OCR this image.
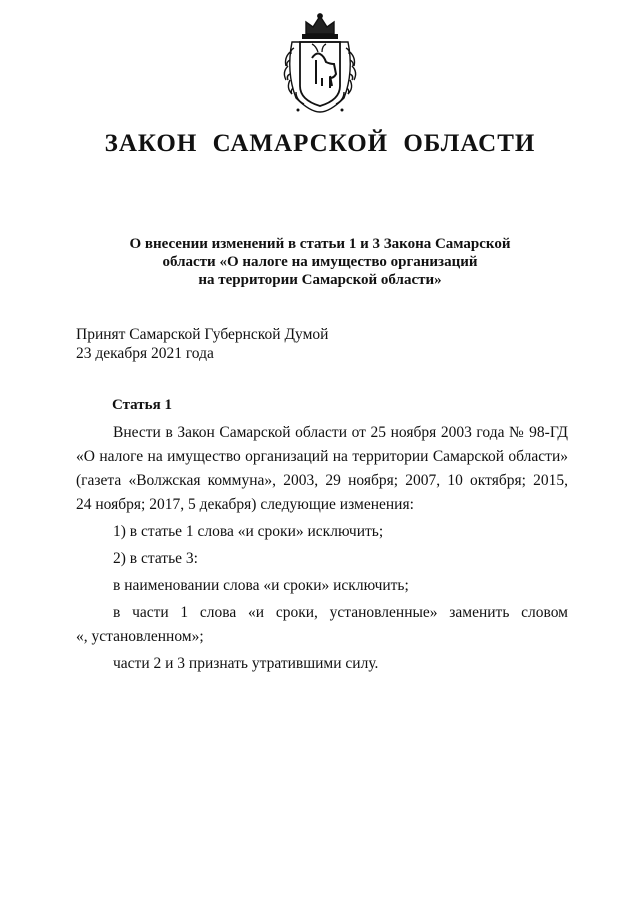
ЗАКОН САМАРСКОЙ ОБЛАСТИ
О внесении изменений в статьи 1 и 3 Закона Самарской
области «О налоге на имущество организаций
на территории Самарской области»
Принят Самарской Губернской Думой
23 декабря 2021 года
Статья 1
Внести в Закон Самарской области от 25 ноября 2003 года № 98-ГД
«О налоге на имущество организаций на территории Самарской области»
(газета «Волжская коммуна», 2003, 29 ноября; 2007, 10 октября; 2015,
24 ноября; 2017, 5 декабря) следующие изменения:
1) в статье 1 слова «и сроки» исключить;
2) в статье 3:
в наименовании слова «и сроки» исключить;
в части 1 слова «и сроки, установленные» заменить словом
«, установленном»;
части 2 и 3 признать утратившими силу.
